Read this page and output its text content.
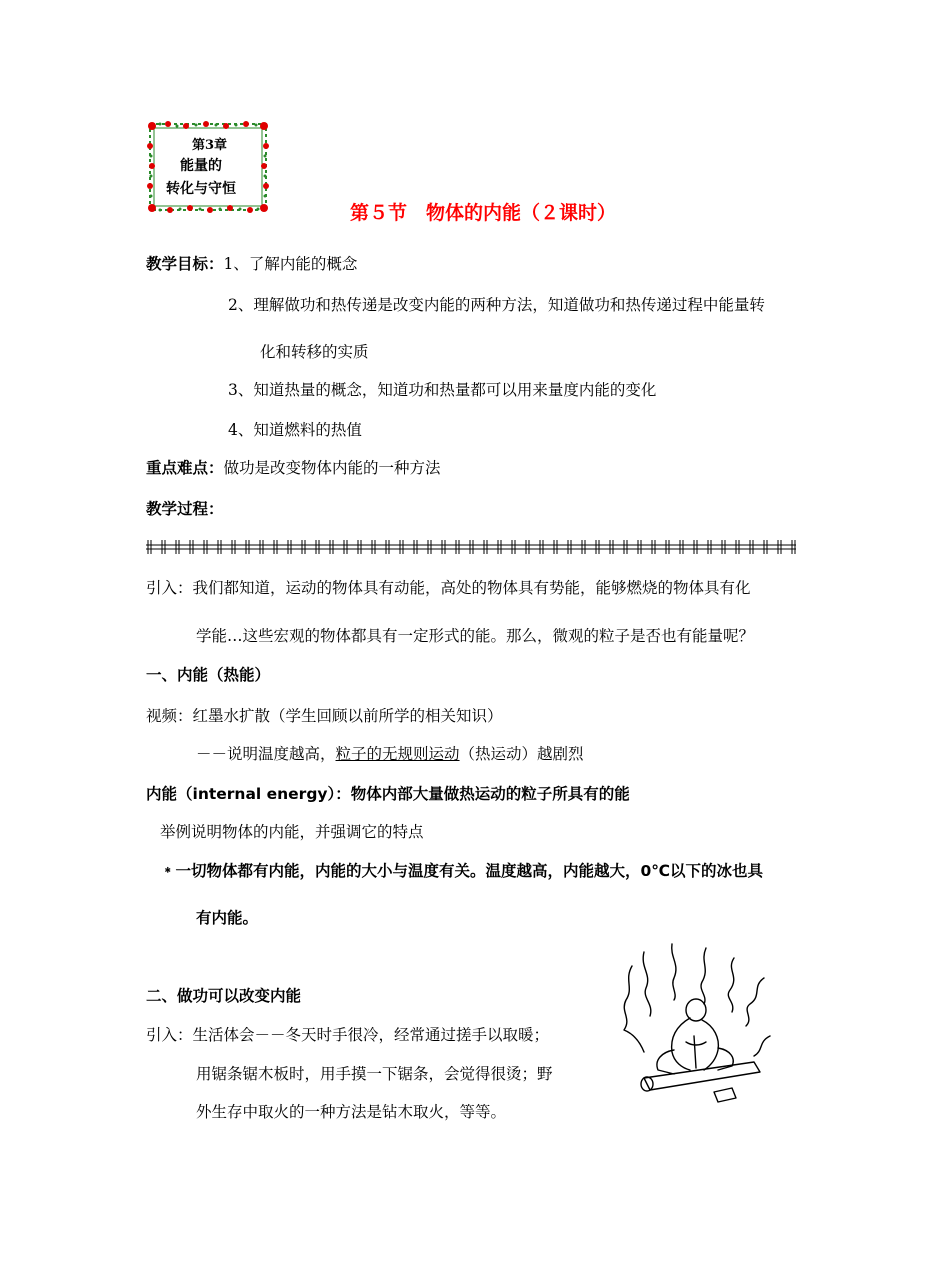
第3章
能量的
转化与守恒
第５节　物体的内能（２课时）
教学目标：1、了解内能的概念
2、理解做功和热传递是改变内能的两种方法，知道做功和热传递过程中能量转
化和转移的实质
3、知道热量的概念，知道功和热量都可以用来量度内能的变化
4、知道燃料的热值
重点难点：做功是改变物体内能的一种方法
教学过程：
引入：我们都知道，运动的物体具有动能，高处的物体具有势能，能够燃烧的物体具有化
学能…这些宏观的物体都具有一定形式的能。那么，微观的粒子是否也有能量呢？
一、内能（热能）
视频：红墨水扩散（学生回顾以前所学的相关知识）
－－说明温度越高，粒子的无规则运动（热运动）越剧烈
内能（internal energy）：物体内部大量做热运动的粒子所具有的能
举例说明物体的内能，并强调它的特点
﹡一切物体都有内能，内能的大小与温度有关。温度越高，内能越大，0℃以下的冰也具
有内能。
二、做功可以改变内能
引入：生活体会－－冬天时手很冷，经常通过搓手以取暖；
用锯条锯木板时，用手摸一下锯条，会觉得很烫；野
外生存中取火的一种方法是钻木取火，等等。
